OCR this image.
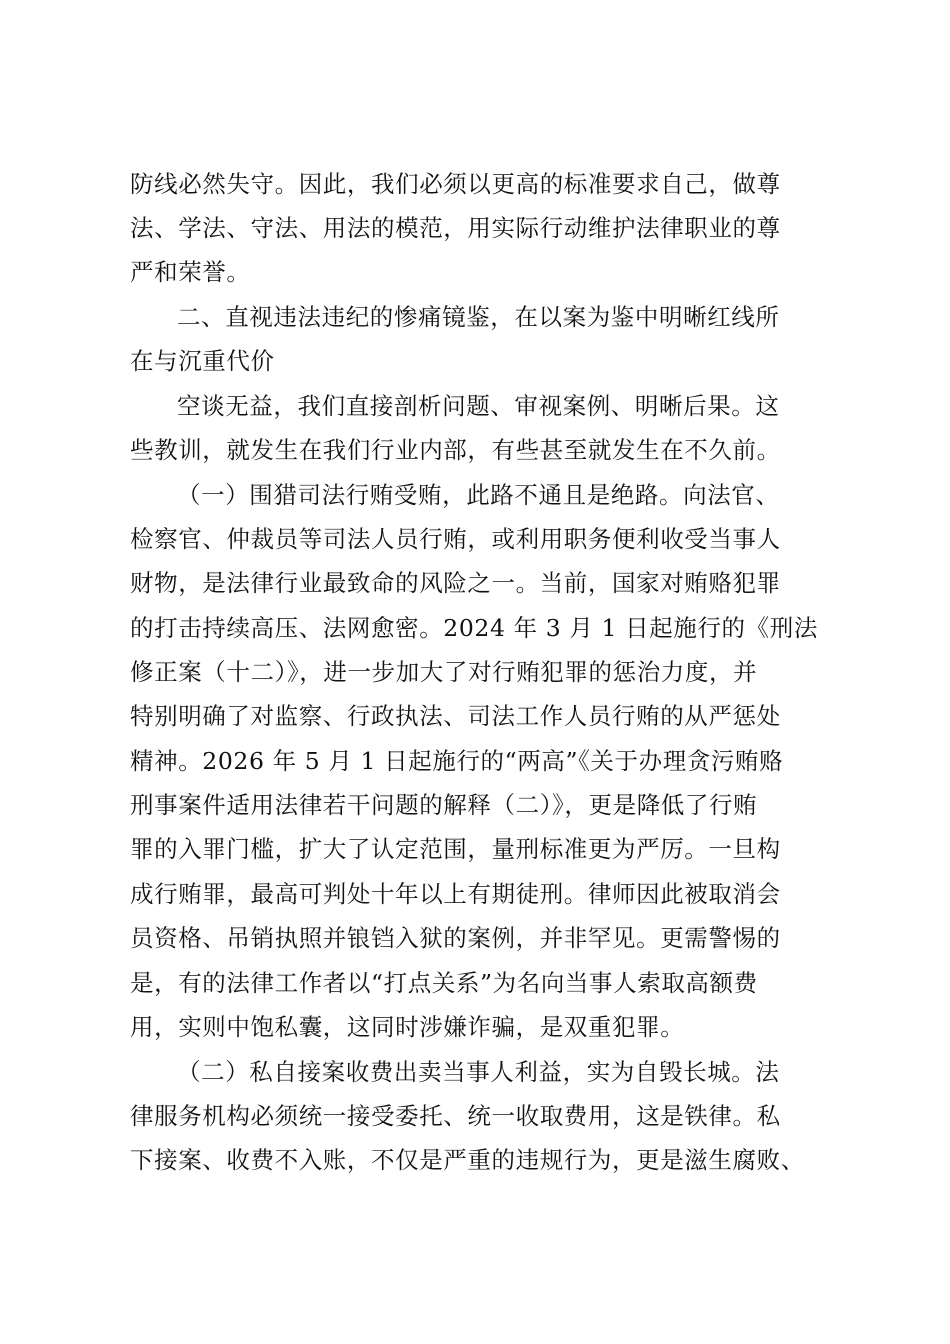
防线必然失守。因此，我们必须以更高的标准要求自己，做尊
法、学法、守法、用法的模范，用实际行动维护法律职业的尊
严和荣誉。
二、直视违法违纪的惨痛镜鉴，在以案为鉴中明晰红线所
在与沉重代价
空谈无益，我们直接剖析问题、审视案例、明晰后果。这
些教训，就发生在我们行业内部，有些甚至就发生在不久前。
（一）围猎司法行贿受贿，此路不通且是绝路。向法官、
检察官、仲裁员等司法人员行贿，或利用职务便利收受当事人
财物，是法律行业最致命的风险之一。当前，国家对贿赂犯罪
的打击持续高压、法网愈密。2024 年 3 月 1 日起施行的《刑法
修正案（十二）》，进一步加大了对行贿犯罪的惩治力度，并
特别明确了对监察、行政执法、司法工作人员行贿的从严惩处
精神。2026 年 5 月 1 日起施行的“两高”《关于办理贪污贿赂
刑事案件适用法律若干问题的解释（二）》，更是降低了行贿
罪的入罪门槛，扩大了认定范围，量刑标准更为严厉。一旦构
成行贿罪，最高可判处十年以上有期徒刑。律师因此被取消会
员资格、吊销执照并锒铛入狱的案例，并非罕见。更需警惕的
是，有的法律工作者以“打点关系”为名向当事人索取高额费
用，实则中饱私囊，这同时涉嫌诈骗，是双重犯罪。
（二）私自接案收费出卖当事人利益，实为自毁长城。法
律服务机构必须统一接受委托、统一收取费用，这是铁律。私
下接案、收费不入账，不仅是严重的违规行为，更是滋生腐败、
